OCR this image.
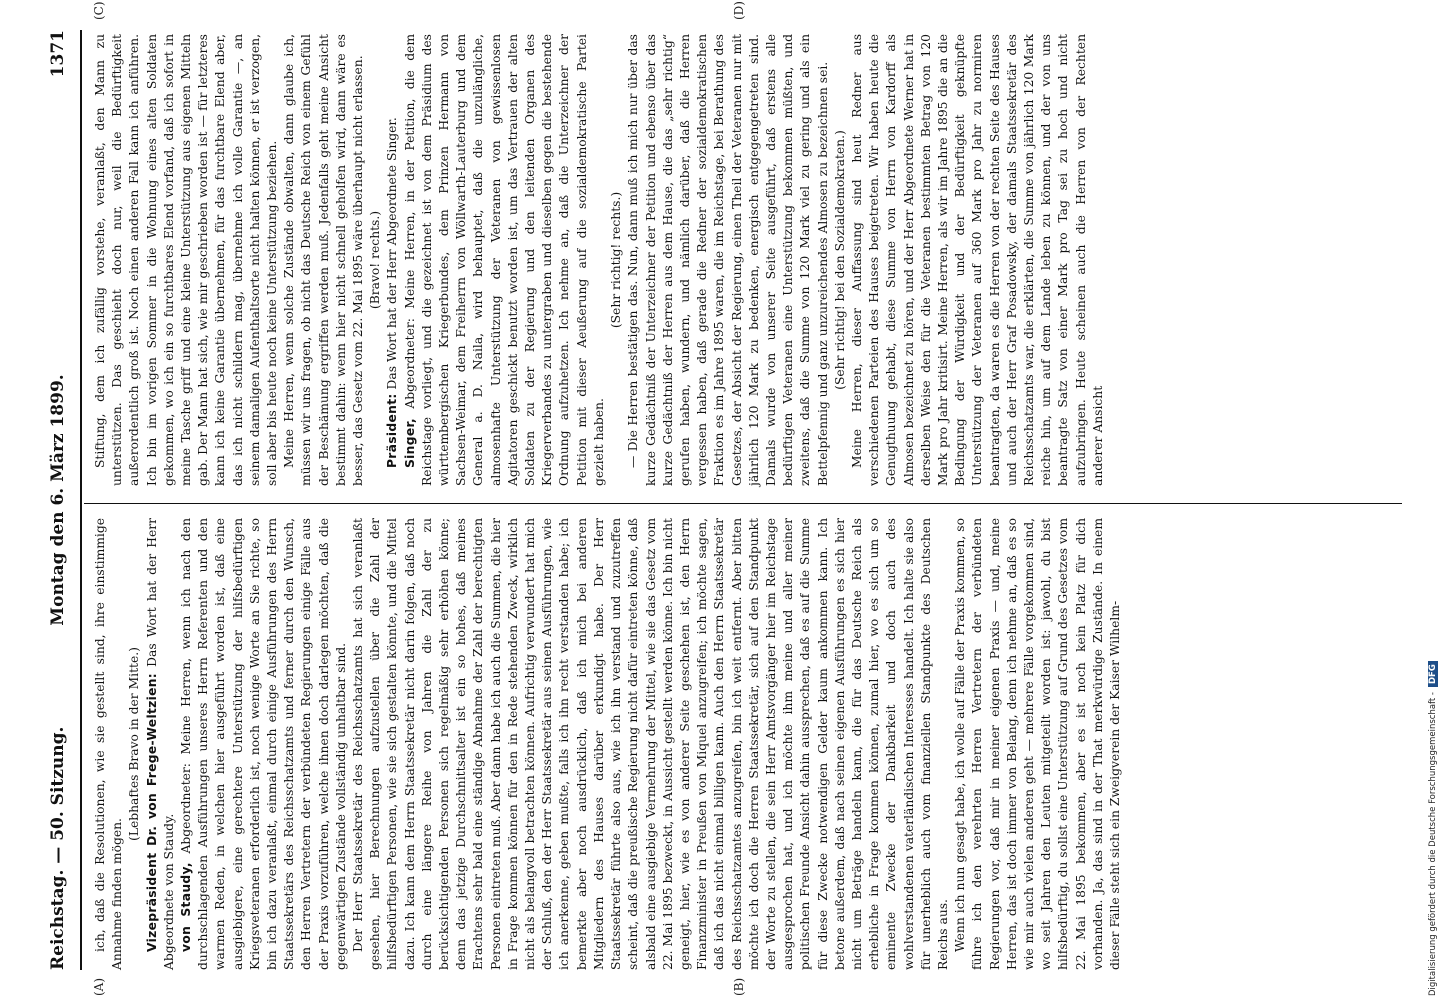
Reichstag. — 50. Sitzung.
Montag den 6. März 1899.
1371
(A)	(B)
(C)	(D)

ich, daß die Resolutionen, wie sie gestellt sind, ihre einstimmige Annahme finden mögen.

(Lebhaftes Bravo in der Mitte.) Vizepräsident Dr. von Frege-Weltzien: Das Wort hat der Herr Abgeordnete von Staudy. von Staudy, Abgeordneter: Meine Herren, wenn ich nach den durchschlagenden Ausführungen unseres Herrn Referenten und den warmen Reden, in welchen hier ausgeführt worden ist, daß eine ausgiebigere, eine gerechtere Unterstützung der hilfsbedürftigen Kriegsveteranen erforderlich ist, noch wenige Worte an Sie richte, so bin ich dazu veranlaßt, einmal durch einige Ausführungen des Herrn Staatssekretärs des Reichsschatzamts und ferner durch den Wunsch, den Herren Vertretern der verbündeten Regierungen einige Fälle aus der Praxis vorzuführen, welche ihnen doch darlegen möchten, daß die gegenwärtigen Zustände vollständig unhaltbar sind. Der Herr Staatssekretär des Reichsschatzamts hat sich veranlaßt gesehen, hier Berechnungen aufzustellen über die Zahl der hilfsbedürftigen Personen, wie sie sich gestalten könnte, und die Mittel dazu. Ich kann dem Herrn Staatssekretär nicht darin folgen, daß noch durch eine längere Reihe von Jahren die Zahl der zu berücksichtigenden Personen sich regelmäßig sehr erhöhen könne; denn das jetzige Durchschnittsalter ist ein so hohes, daß meines Erachtens sehr bald eine ständige Abnahme der Zahl der berechtigten Personen eintreten muß. Aber dann habe ich auch die Summen, die hier in Frage kommen können für den in Rede stehenden Zweck, wirklich nicht als belangvoll betrachten können. Aufrichtig verwundert hat mich der Schluß, den der Herr Staatssekretär aus seinen Ausführungen, wie ich anerkenne, geben mußte, falls ich ihn recht verstanden habe; ich bemerkte aber noch ausdrücklich, daß ich mich bei anderen Mitgliedern des Hauses darüber erkundigt habe. Der Herr Staatssekretär führte also aus, wie ich ihn verstand und zuzutreffen scheint, daß die preußische Regierung nicht dafür eintreten könne, daß alsbald eine ausgiebige Vermehrung der Mittel, wie sie das Gesetz vom 22. Mai 1895 bezweckt, in Aussicht gestellt werden könne. Ich bin nicht geneigt, hier, wie es von anderer Seite geschehen ist, den Herrn Finanzminister in Preußen von Miquel anzugreifen; ich möchte sagen, daß ich das nicht einmal billigen kann. Auch den Herrn Staatssekretär des Reichsschatzamtes anzugreifen, bin ich weit entfernt. Aber bitten möchte ich doch die Herren Staatssekretär, sich auf den Standpunkt der Worte zu stellen, die sein Herr Amtsvorgänger hier im Reichstage ausgesprochen hat, und ich möchte ihm meine und aller meiner politischen Freunde Ansicht dahin aussprechen, daß es auf die Summe für diese Zwecke notwendigen Gelder kaum ankommen kann. Ich betone außerdem, daß nach seinen eigenen Ausführungen es sich hier nicht um Beträge handeln kann, die für das Deutsche Reich als erhebliche in Frage kommen können, zumal hier, wo es sich um so eminente Zwecke der Dankbarkeit und doch auch des wohlverstandenen vaterländischen Interesses handelt. Ich halte sie also für unerheblich auch vom finanziellen Standpunkte des Deutschen Reichs aus. Wenn ich nun gesagt habe, ich wolle auf Fälle der Praxis kommen, so führe ich den verehrten Herren Vertretern der verbündeten Regierungen vor, daß mir in meiner eigenen Praxis — und, meine Herren, das ist doch immer von Belang, denn ich nehme an, daß es so wie mir auch vielen anderen geht — mehrere Fälle vorgekommen sind, wo seit Jahren den Leuten mitgeteilt worden ist: jawohl, du bist hilfsbedürftig, du sollst eine Unterstützung auf Grund des Gesetzes vom 22. Mai 1895 bekommen, aber es ist noch kein Platz für dich vorhanden. Ja, das sind in der That merkwürdige Zustände. In einem dieser Fälle steht sich ein Zweigverein der Kaiser Wilhelm-

Stiftung, dem ich zufällig vorstehe, veranlaßt, den Mann zu unterstützen. Das geschieht doch nur, weil die Bedürftigkeit außerordentlich groß ist. Noch einen anderen Fall kann ich anführen. Ich bin im vorigen Sommer in die Wohnung eines alten Soldaten gekommen, wo ich ein so furchtbares Elend vorfand, daß ich sofort in meine Tasche griff und eine kleine Unterstützung aus eigenen Mitteln gab. Der Mann hat sich, wie mir geschrieben worden ist — für letzteres kann ich keine Garantie übernehmen, für das furchtbare Elend aber, das ich nicht schildern mag, übernehme ich volle Garantie —, an seinem damaligen Aufenthaltsorte nicht halten können, er ist verzogen, soll aber bis heute noch keine Unterstützung beziehen. Meine Herren, wenn solche Zustände obwalten, dann glaube ich, müssen wir uns fragen, ob nicht das Deutsche Reich von einem Gefühl der Beschämung ergriffen werden muß. Jedenfalls geht meine Ansicht bestimmt dahin: wenn hier nicht schnell geholfen wird, dann wäre es besser, das Gesetz vom 22. Mai 1895 wäre überhaupt nicht erlassen. (Bravo! rechts.)

Präsident: Das Wort hat der Herr Abgeordnete Singer.

Singer, Abgeordneter: Meine Herren, in der Petition, die dem Reichstage vorliegt, und die gezeichnet ist von dem Präsidium des württembergischen Kriegerbundes, dem Prinzen Hermann von Sachsen-Weimar, dem Freiherrn von Wöllwarth-Lauterburg und dem General a. D. Naila, wird behauptet, daß die unzulängliche, almosenhafte Unterstützung der Veteranen von gewissenlosen Agitatoren geschickt benutzt worden ist, um das Vertrauen der alten Soldaten zu der Regierung und den leitenden Organen des Kriegerverbandes zu untergraben und dieselben gegen die bestehende Ordnung aufzuhetzen. Ich nehme an, daß die Unterzeichner der Petition mit dieser Aeußerung auf die sozialdemokratische Partei gezielt haben.

(Sehr richtig! rechts.) — Die Herren bestätigen das. Nun, dann muß ich mich nur über das kurze Gedächtniß der Unterzeichner der Petition und ebenso über das kurze Gedächtniß der Herren aus dem Hause, die das „sehr richtig“ gerufen haben, wundern, und nämlich darüber, daß die Herren vergessen haben, daß gerade die Redner der sozialdemokratischen Fraktion es im Jahre 1895 waren, die im Reichstage, bei Berathung des Gesetzes, der Absicht der Regierung, einen Theil der Veteranen nur mit jährlich 120 Mark zu bedenken, energisch entgegengetreten sind. Damals wurde von unserer Seite ausgeführt, daß erstens alle bedürftigen Veteranen eine Unterstützung bekommen müßten, und zweitens, daß die Summe von 120 Mark viel zu gering und als ein Bettelpfennig und ganz unzureichendes Almosen zu bezeichnen sei. (Sehr richtig! bei den Sozialdemokraten.) Meine Herren, dieser Auffassung sind heut Redner aus verschiedenen Parteien des Hauses beigetreten. Wir haben heute die Genugthuung gehabt, diese Summe von Herrn von Kardorff als Almosen bezeichnet zu hören, und der Herr Abgeordnete Werner hat in derselben Weise den für die Veteranen bestimmten Betrag von 120 Mark pro Jahr kritisirt. Meine Herren, als wir im Jahre 1895 die an die Bedingung der Würdigkeit und der Bedürftigkeit geknüpfte Unterstützung der Veteranen auf 360 Mark pro Jahr zu normiren beantragten, da waren es die Herren von der rechten Seite des Hauses und auch der Herr Graf Posadowsky, der damals Staatssekretär des Reichsschatzamts war, die erklärten, die Summe von jährlich 120 Mark reiche hin, um auf dem Lande leben zu können, und der von uns beantragte Satz von einer Mark pro Tag sei zu hoch und nicht aufzubringen. Heute scheinen auch die Herren von der Rechten anderer Ansicht

Digitalisierung gefördert durch die Deutsche Forschungsgemeinschaft -DFG
